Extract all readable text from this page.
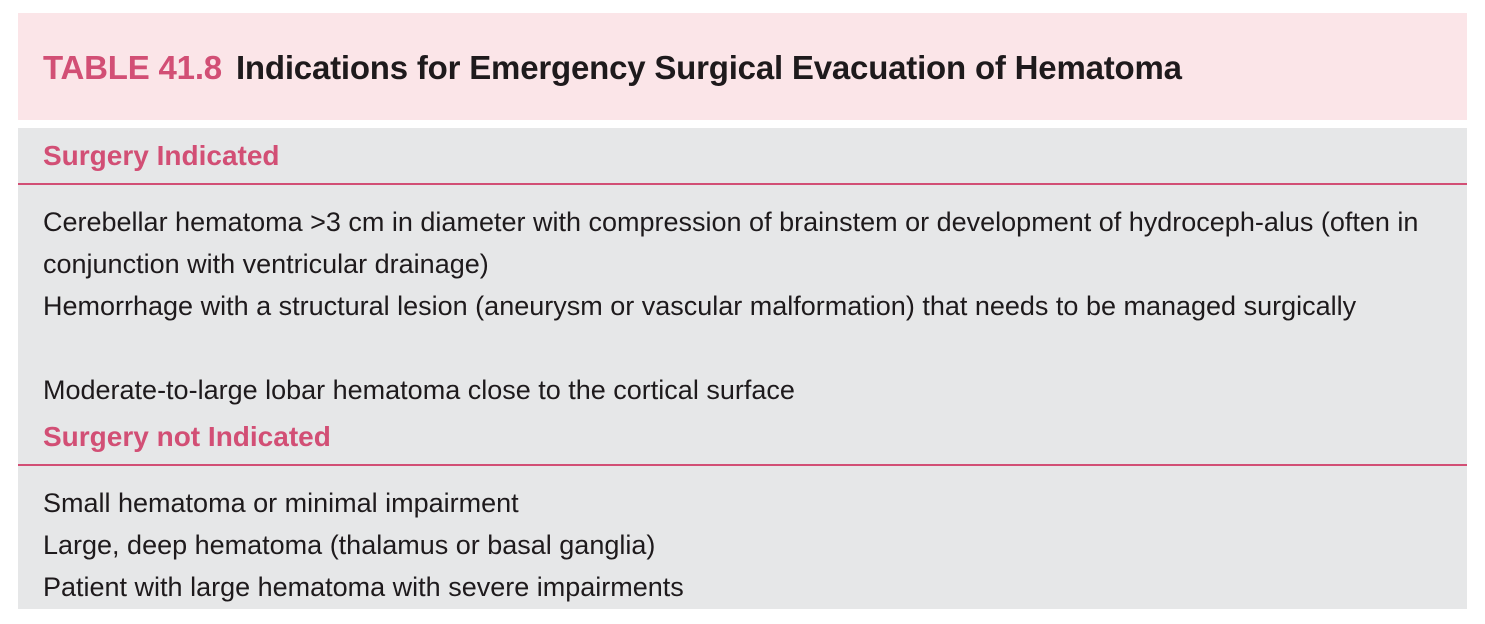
TABLE 41.8 Indications for Emergency Surgical Evacuation of Hematoma
Surgery Indicated
Cerebellar hematoma >3 cm in diameter with compression of brainstem or development of hydroceph-alus (often in conjunction with ventricular drainage)
Hemorrhage with a structural lesion (aneurysm or vascular malformation) that needs to be managed surgically
Moderate-to-large lobar hematoma close to the cortical surface
Surgery not Indicated
Small hematoma or minimal impairment
Large, deep hematoma (thalamus or basal ganglia)
Patient with large hematoma with severe impairments
